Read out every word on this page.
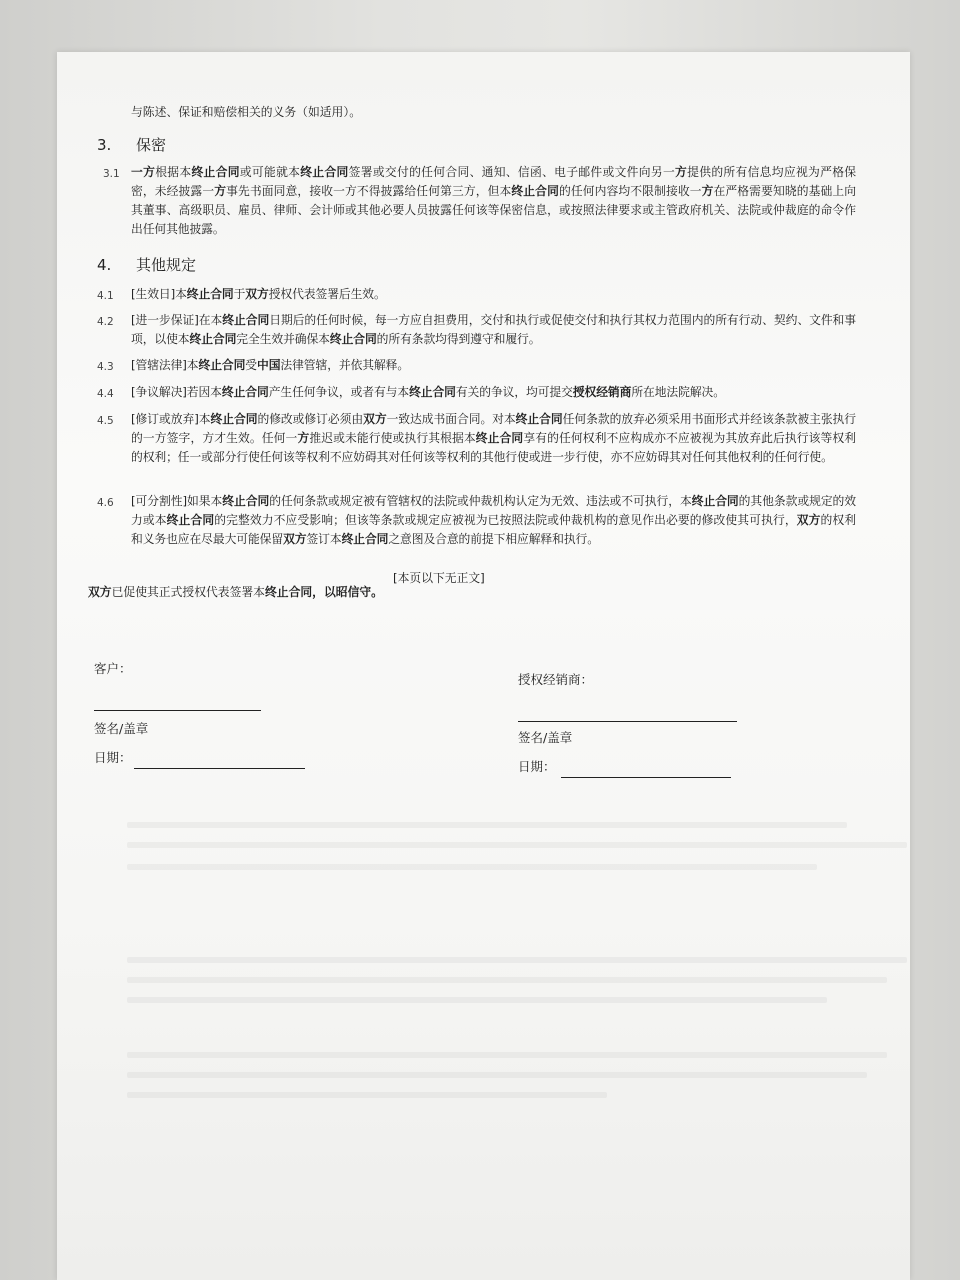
与陈述、保证和赔偿相关的义务（如适用）。
3. 保密
3.1 一方根据本终止合同或可能就本终止合同签署或交付的任何合同、通知、信函、电子邮件或文件向另一方提供的所有信息均应视为严格保密，未经披露一方事先书面同意，接收一方不得披露给任何第三方，但本终止合同的任何内容均不限制接收一方在严格需要知晓的基础上向其董事、高级职员、雇员、律师、会计师或其他必要人员披露任何该等保密信息，或按照法律要求或主管政府机关、法院或仲裁庭的命令作出任何其他披露。
4. 其他规定
4.1 [生效日]本终止合同于双方授权代表签署后生效。
4.2 [进一步保证]在本终止合同日期后的任何时候，每一方应自担费用，交付和执行或促使交付和执行其权力范围内的所有行动、契约、文件和事项，以使本终止合同完全生效并确保本终止合同的所有条款均得到遵守和履行。
4.3 [管辖法律]本终止合同受中国法律管辖，并依其解释。
4.4 [争议解决]若因本终止合同产生任何争议，或者有与本终止合同有关的争议，均可提交授权经销商所在地法院解决。
4.5 [修订或放弃]本终止合同的修改或修订必须由双方一致达成书面合同。对本终止合同任何条款的放弃必须采用书面形式并经该条款被主张执行的一方签字，方才生效。任何一方推迟或未能行使或执行其根据本终止合同享有的任何权利不应构成亦不应被视为其放弃此后执行该等权利的权利；任一或部分行使任何该等权利不应妨碍其对任何该等权利的其他行使或进一步行使，亦不应妨碍其对任何其他权利的任何行使。
4.6 [可分割性]如果本终止合同的任何条款或规定被有管辖权的法院或仲裁机构认定为无效、违法或不可执行，本终止合同的其他条款或规定的效力或本终止合同的完整效力不应受影响；但该等条款或规定应被视为已按照法院或仲裁机构的意见作出必要的修改使其可执行，双方的权利和义务也应在尽最大可能保留双方签订本终止合同之意图及合意的前提下相应解释和执行。
[本页以下无正文]
双方已促使其正式授权代表签署本终止合同，以昭信守。
客户：
签名/盖章
日期：
授权经销商：
签名/盖章
日期：
